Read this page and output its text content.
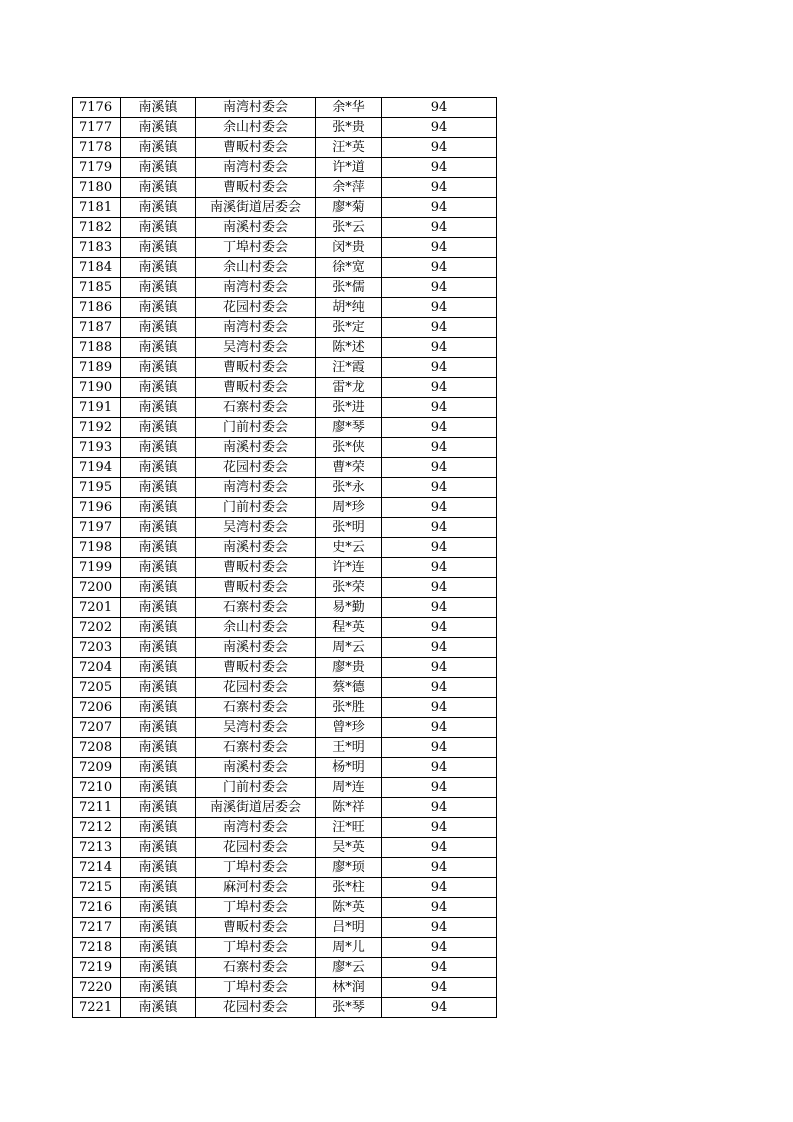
7176	南溪镇	南湾村委会	余*华	94
7177	南溪镇	余山村委会	张*贵	94
7178	南溪镇	曹畈村委会	汪*英	94
7179	南溪镇	南湾村委会	许*道	94
7180	南溪镇	曹畈村委会	余*萍	94
7181	南溪镇	南溪街道居委会	廖*菊	94
7182	南溪镇	南溪村委会	张*云	94
7183	南溪镇	丁埠村委会	闵*贵	94
7184	南溪镇	余山村委会	徐*宽	94
7185	南溪镇	南湾村委会	张*儒	94
7186	南溪镇	花园村委会	胡*纯	94
7187	南溪镇	南湾村委会	张*定	94
7188	南溪镇	吴湾村委会	陈*述	94
7189	南溪镇	曹畈村委会	汪*霞	94
7190	南溪镇	曹畈村委会	雷*龙	94
7191	南溪镇	石寨村委会	张*进	94
7192	南溪镇	门前村委会	廖*琴	94
7193	南溪镇	南溪村委会	张*侠	94
7194	南溪镇	花园村委会	曹*荣	94
7195	南溪镇	南湾村委会	张*永	94
7196	南溪镇	门前村委会	周*珍	94
7197	南溪镇	吴湾村委会	张*明	94
7198	南溪镇	南溪村委会	史*云	94
7199	南溪镇	曹畈村委会	许*连	94
7200	南溪镇	曹畈村委会	张*荣	94
7201	南溪镇	石寨村委会	易*勤	94
7202	南溪镇	余山村委会	程*英	94
7203	南溪镇	南溪村委会	周*云	94
7204	南溪镇	曹畈村委会	廖*贵	94
7205	南溪镇	花园村委会	蔡*德	94
7206	南溪镇	石寨村委会	张*胜	94
7207	南溪镇	吴湾村委会	曾*珍	94
7208	南溪镇	石寨村委会	王*明	94
7209	南溪镇	南溪村委会	杨*明	94
7210	南溪镇	门前村委会	周*连	94
7211	南溪镇	南溪街道居委会	陈*祥	94
7212	南溪镇	南湾村委会	汪*旺	94
7213	南溪镇	花园村委会	吴*英	94
7214	南溪镇	丁埠村委会	廖*顼	94
7215	南溪镇	麻河村委会	张*柱	94
7216	南溪镇	丁埠村委会	陈*英	94
7217	南溪镇	曹畈村委会	吕*明	94
7218	南溪镇	丁埠村委会	周*儿	94
7219	南溪镇	石寨村委会	廖*云	94
7220	南溪镇	丁埠村委会	林*润	94
7221	南溪镇	花园村委会	张*琴	94
